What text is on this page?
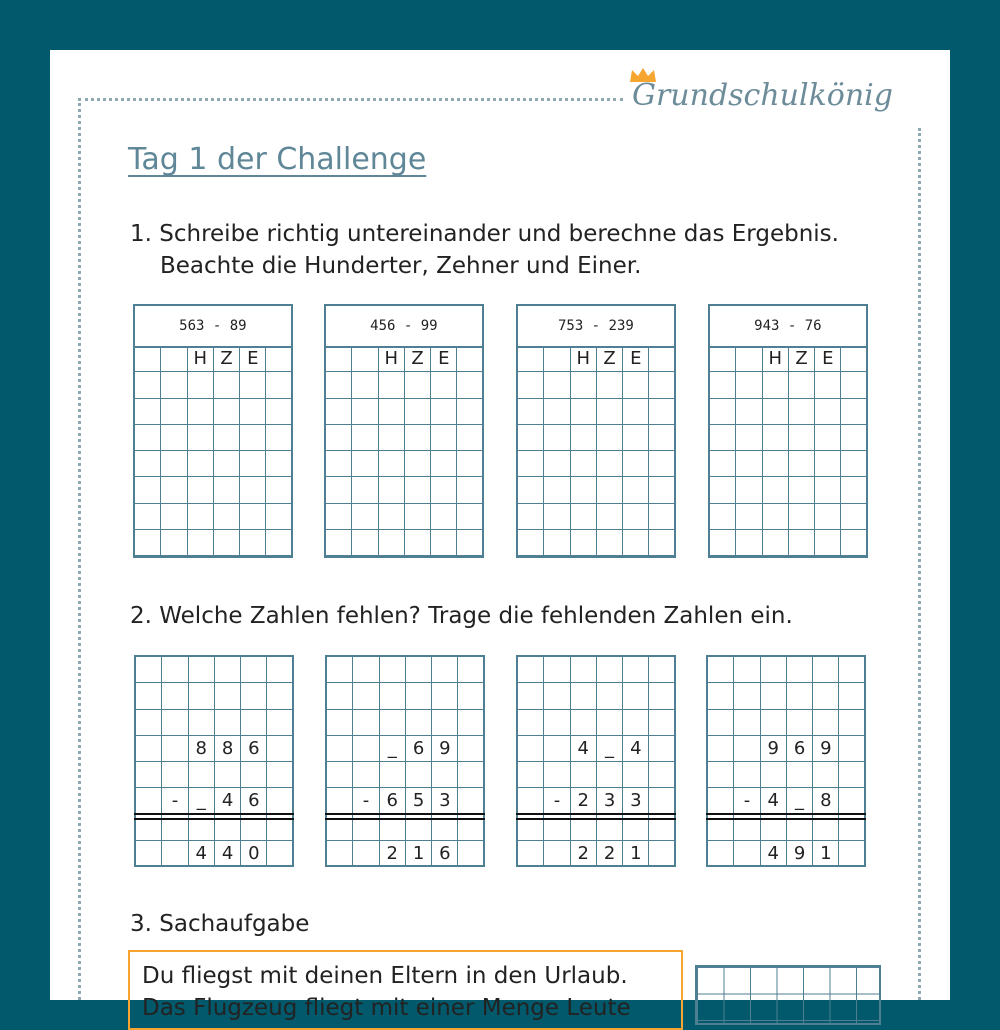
Grundschulkönig
Tag 1 der Challenge
1. Schreibe richtig untereinander und berechne das Ergebnis.
Beachte die Hunderter, Zehner und Einer.
563 - 89
H Z E
456 - 99
H Z E
753 - 239
H Z E
943 - 76
H Z E
2. Welche Zahlen fehlen? Trage die fehlenden Zahlen ein.
8 8 6
-	_ 4 6
4 4 0
_ 6 9
- 6 5 3
2 1 6
4 _ 4
- 2 3 3
2 2 1
9 6 9
- 4 _ 8
4 9 1
3. Sachaufgabe
Du fliegst mit deinen Eltern in den Urlaub.
Das Flugzeug fliegt mit einer Menge Leute
